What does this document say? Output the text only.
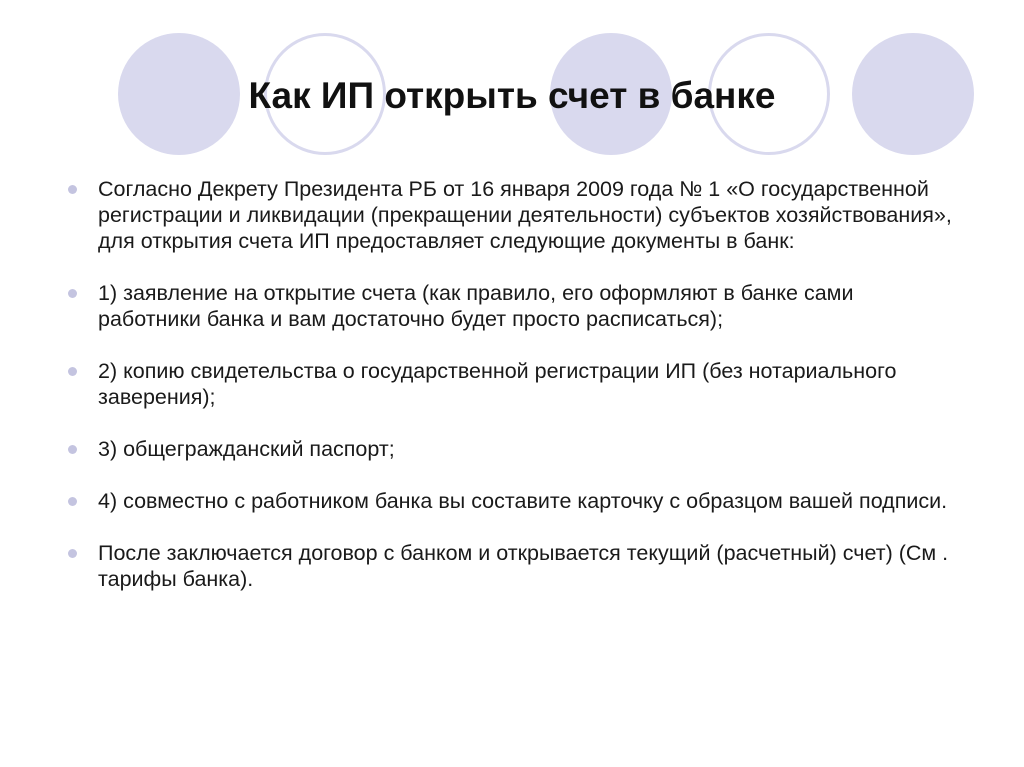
Как ИП открыть счет в банке
Согласно Декрету Президента РБ от 16 января 2009 года № 1 «О государственной регистрации и ликвидации (прекращении деятельности) субъектов хозяйствования», для открытия счета ИП предоставляет следующие документы в банк:
1) заявление на открытие счета (как правило, его оформляют в банке сами работники банка и вам достаточно будет просто расписаться);
2) копию свидетельства о государственной регистрации ИП (без нотариального заверения);
3) общегражданский паспорт;
4) совместно с работником банка вы составите карточку с образцом вашей подписи.
После заключается договор с банком и открывается текущий (расчетный) счет) (См . тарифы банка).
